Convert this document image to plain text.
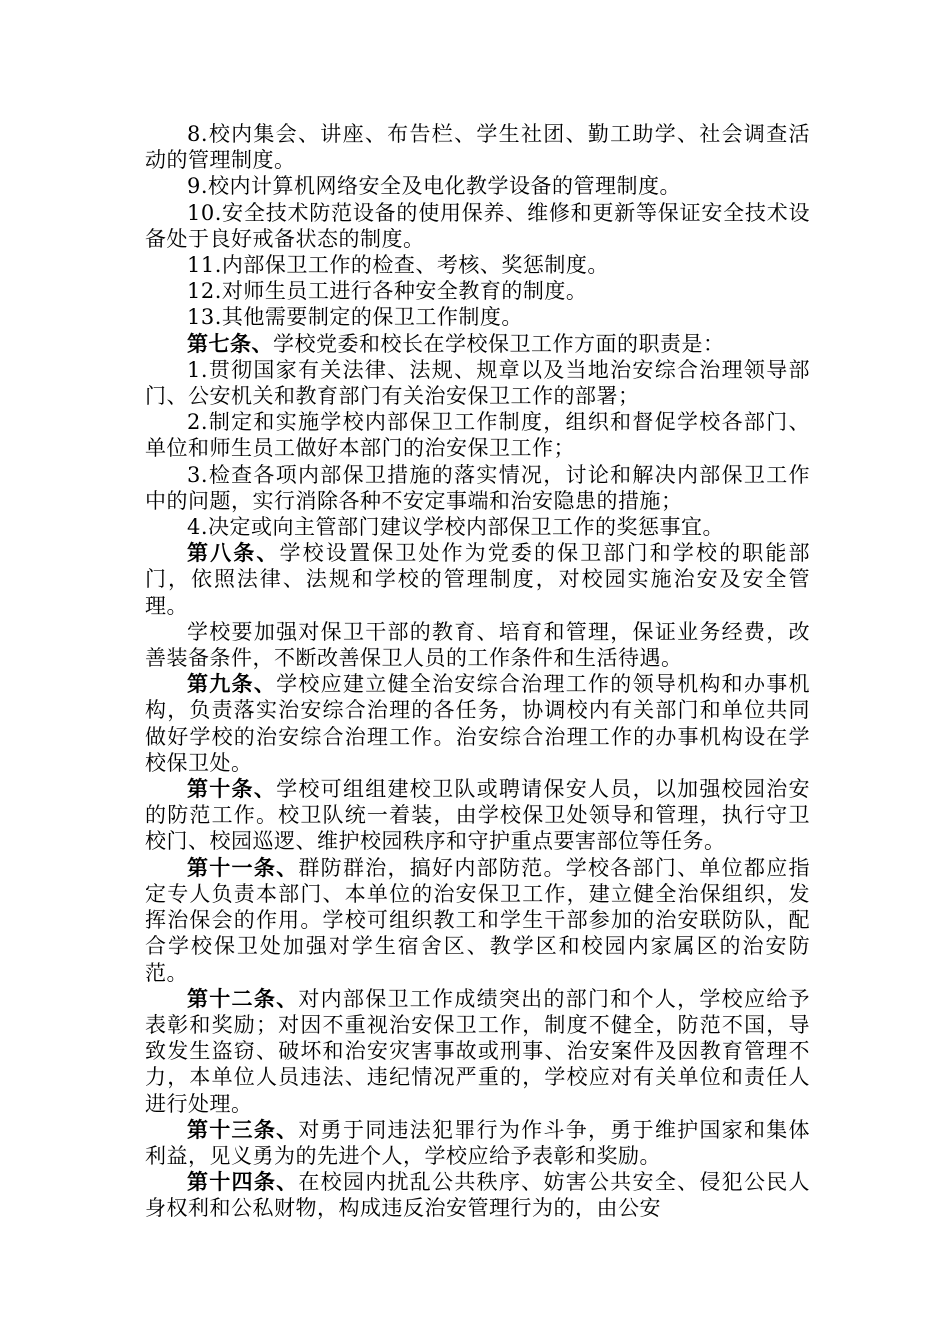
8.校内集会、讲座、布告栏、学生社团、勤工助学、社会调查活动的管理制度。

9.校内计算机网络安全及电化教学设备的管理制度。

10.安全技术防范设备的使用保养、维修和更新等保证安全技术设备处于良好戒备状态的制度。

11.内部保卫工作的检查、考核、奖惩制度。

12.对师生员工进行各种安全教育的制度。

13.其他需要制定的保卫工作制度。

第七条、学校党委和校长在学校保卫工作方面的职责是：

1.贯彻国家有关法律、法规、规章以及当地治安综合治理领导部门、公安机关和教育部门有关治安保卫工作的部署；

2.制定和实施学校内部保卫工作制度，组织和督促学校各部门、单位和师生员工做好本部门的治安保卫工作；

3.检查各项内部保卫措施的落实情况，讨论和解决内部保卫工作中的问题，实行消除各种不安定事端和治安隐患的措施；

4.决定或向主管部门建议学校内部保卫工作的奖惩事宜。

第八条、学校设置保卫处作为党委的保卫部门和学校的职能部门，依照法律、法规和学校的管理制度，对校园实施治安及安全管理。

学校要加强对保卫干部的教育、培育和管理，保证业务经费，改善装备条件，不断改善保卫人员的工作条件和生活待遇。

第九条、学校应建立健全治安综合治理工作的领导机构和办事机构，负责落实治安综合治理的各任务，协调校内有关部门和单位共同做好学校的治安综合治理工作。治安综合治理工作的办事机构设在学校保卫处。

第十条、学校可组组建校卫队或聘请保安人员，以加强校园治安的防范工作。校卫队统一着装，由学校保卫处领导和管理，执行守卫校门、校园巡逻、维护校园秩序和守护重点要害部位等任务。

第十一条、群防群治，搞好内部防范。学校各部门、单位都应指定专人负责本部门、本单位的治安保卫工作，建立健全治保组织，发挥治保会的作用。学校可组织教工和学生干部参加的治安联防队，配合学校保卫处加强对学生宿舍区、教学区和校园内家属区的治安防范。

第十二条、对内部保卫工作成绩突出的部门和个人，学校应给予表彰和奖励；对因不重视治安保卫工作，制度不健全，防范不国，导致发生盗窃、破坏和治安灾害事故或刑事、治安案件及因教育管理不力，本单位人员违法、违纪情况严重的，学校应对有关单位和责任人进行处理。

第十三条、对勇于同违法犯罪行为作斗争，勇于维护国家和集体利益，见义勇为的先进个人，学校应给予表彰和奖励。

第十四条、在校园内扰乱公共秩序、妨害公共安全、侵犯公民人身权利和公私财物，构成违反治安管理行为的，由公安
